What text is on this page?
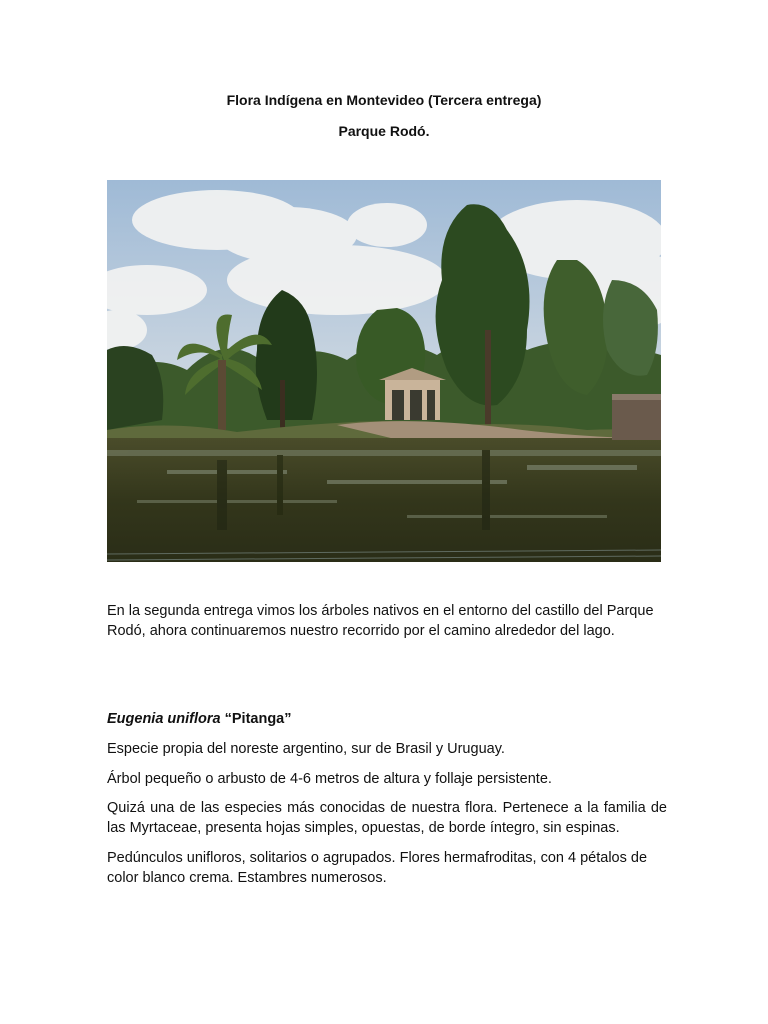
Flora Indígena en Montevideo (Tercera entrega)
Parque Rodó.

En la segunda entrega vimos los árboles nativos en el entorno del castillo del Parque Rodó, ahora continuaremos nuestro recorrido por el camino alrededor del lago.

Eugenia uniflora “Pitanga”

Especie propia del noreste argentino, sur de Brasil y Uruguay.

Árbol pequeño o arbusto de 4-6 metros de altura y follaje persistente.

Quizá una de las especies más conocidas de nuestra flora. Pertenece a la familia de las Myrtaceae, presenta hojas simples, opuestas, de borde íntegro, sin espinas.

Pedúnculos unifloros, solitarios o agrupados. Flores hermafroditas, con 4 pétalos de color blanco crema. Estambres numerosos.
